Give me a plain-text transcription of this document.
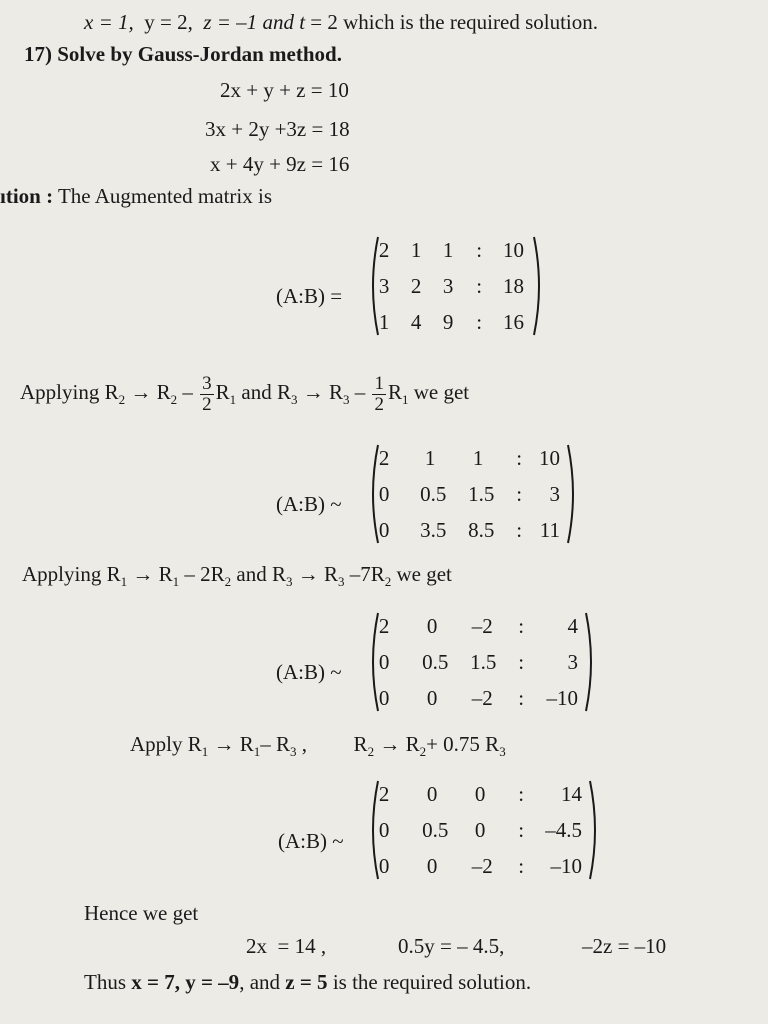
x = 1, y = 2, z = –1 and t = 2 which is the required solution.
17) Solve by Gauss-Jordan method.
2x + y + z = 10
3x + 2y +3z = 18
x + 4y + 9z = 16
ıtion : The Augmented matrix is
(A:B) =
2 1 1 : 10
3 2 3 : 18
1 4 9 : 16
Applying $R_2 \to R_2 - \frac{3}{2} R_1$ and $R_3 \to R_3 - \frac{1}{2} R_1$ we get
(A:B) ~
2 1 1 : 10
0 0.5 1.5 : 3
0 3.5 8.5 : 11
Applying $R_1 \to R_1 - 2R_2$ and $R_3 \to R_3$ $-7R_2$ we get
(A:B) ~
2 0 –2 : 4
0 0.5 1.5 : 3
0 0 –2 : –10
Apply $R_1 \to R_1-$ $R_3$ , $R_2 \to R_2+ 0.75$ $R_3$
(A:B) ~
2 0 0 : 14
0 0.5 0 : –4.5
0 0 –2 : –10
Hence we get
2x  = 14 ,	0.5y = – 4.5,	–2z = –10
Thus x = 7, y = –9, and z = 5 is the required solution.
